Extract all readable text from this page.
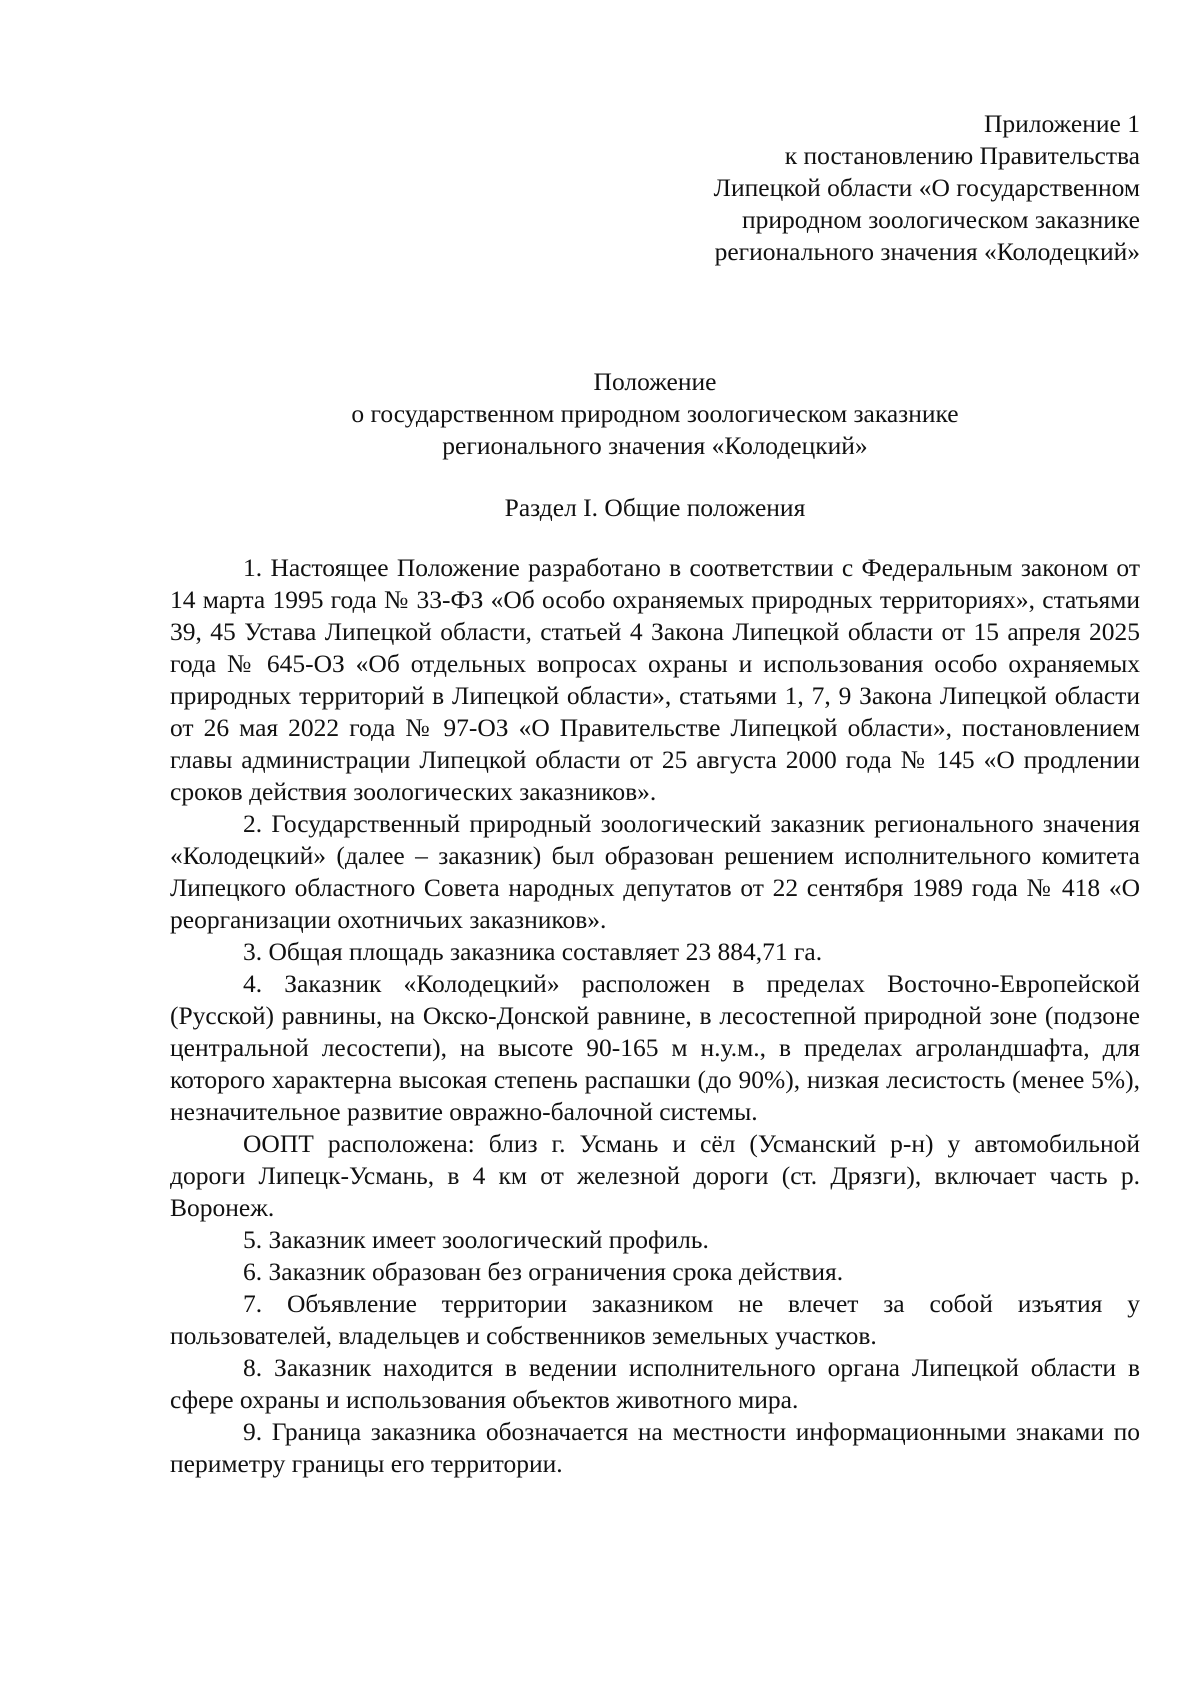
Приложение 1
к постановлению Правительства
Липецкой области «О государственном
природном зоологическом заказнике
регионального значения «Колодецкий»
Положение
о государственном природном зоологическом заказнике
регионального значения «Колодецкий»
Раздел I. Общие положения

1. Настоящее Положение разработано в соответствии с Федеральным законом от 14 марта 1995 года № 33-ФЗ «Об особо охраняемых природных территориях», статьями 39, 45 Устава Липецкой области, статьей 4 Закона Липецкой области от 15 апреля 2025 года № 645-ОЗ «Об отдельных вопросах охраны и использования особо охраняемых природных территорий в Липецкой области», статьями 1, 7, 9 Закона Липецкой области от 26 мая 2022 года № 97-ОЗ «О Правительстве Липецкой области», постановлением главы администрации Липецкой области от 25 августа 2000 года № 145 «О продлении сроков действия зоологических заказников».

2. Государственный природный зоологический заказник регионального значения «Колодецкий» (далее – заказник) был образован решением исполнительного комитета Липецкого областного Совета народных депутатов от 22 сентября 1989 года № 418 «О реорганизации охотничьих заказников».

3. Общая площадь заказника составляет 23 884,71 га.

4. Заказник «Колодецкий» расположен в пределах Восточно-Европейской (Русской) равнины, на Окско-Донской равнине, в лесостепной природной зоне (подзоне центральной лесостепи), на высоте 90-165 м н.у.м., в пределах агроландшафта, для которого характерна высокая степень распашки (до 90%), низкая лесистость (менее 5%), незначительное развитие овражно-балочной системы.

ООПТ расположена: близ г. Усмань и сёл (Усманский р-н) у автомобильной дороги Липецк-Усмань, в 4 км от железной дороги (ст. Дрязги), включает часть р. Воронеж.

5. Заказник имеет зоологический профиль.

6. Заказник образован без ограничения срока действия.

7. Объявление территории заказником не влечет за собой изъятия у пользователей, владельцев и собственников земельных участков.

8. Заказник находится в ведении исполнительного органа Липецкой области в сфере охраны и использования объектов животного мира.

9. Граница заказника обозначается на местности информационными знаками по периметру границы его территории.
